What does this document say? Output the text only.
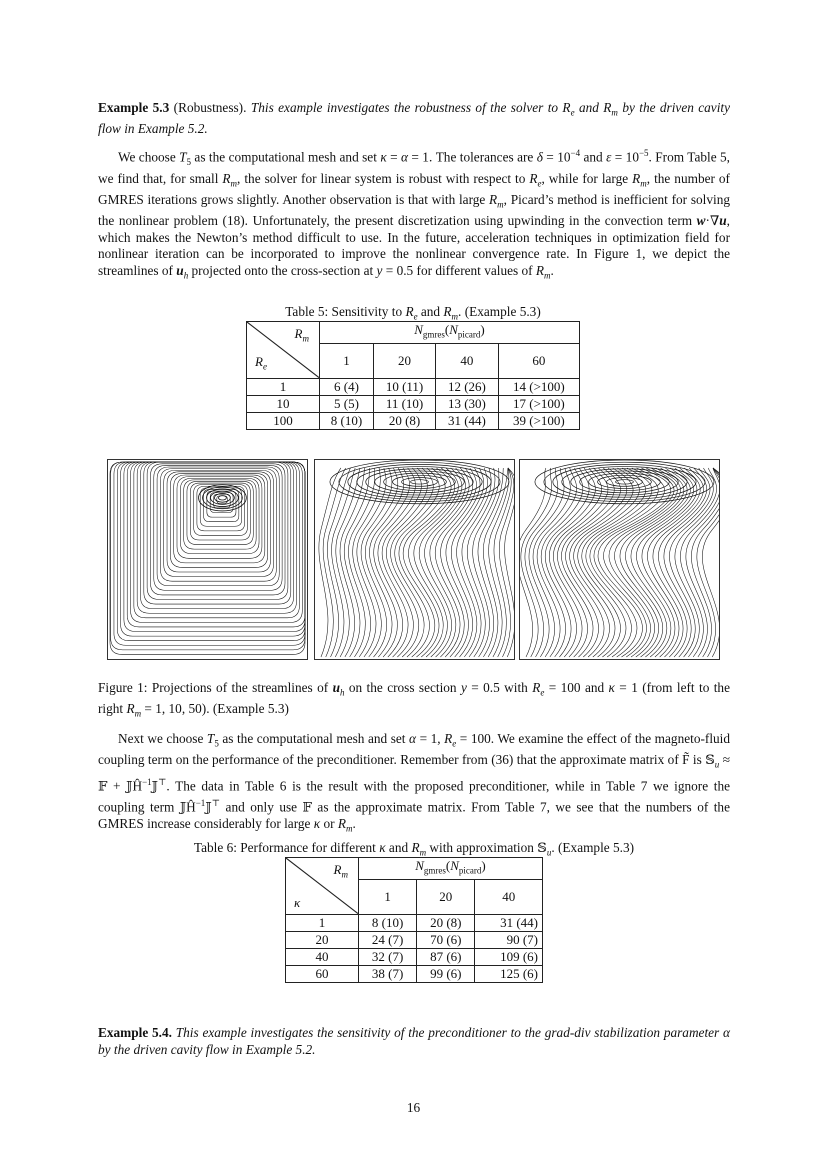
Example 5.3 (Robustness). This example investigates the robustness of the solver to $R_e$ and $R_m$ by the driven cavity flow in Example 5.2.

We choose $T_5$ as the computational mesh and set κ = α = 1. The tolerances are $\delta = 10^{-4}$ and $\varepsilon = 10^{-5}$. From Table 5, we find that, for small $R_m$, the solver for linear system is robust with respect to $R_e$, while for large $R_m$, the number of GMRES iterations grows slightly. Another observation is that with large $R_m$, Picard’s method is inefficient for solving the nonlinear problem (18). Unfortunately, the present discretization using upwinding in the convection term w·∇u, which makes the Newton’s method difficult to use. In the future, acceleration techniques in optimization field for nonlinear iteration can be incorporated to improve the nonlinear convergence rate. In Figure 1, we depict the streamlines of $u_h$ projected onto the cross-section at y = 0.5 for different values of $R_m$.

Table 5: Sensitivity to $R_e$ and $R_m$. (Example 5.3)
$R_m$
$R_e$	$N_{gmres}(N_{picard})$			
	1	20	40	60
1	6 (4)	10 (11)	12 (26)	14 (>100)
10	5 (5)	11 (10)	13 (30)	17 (>100)
100	8 (10)	20 (8)	31 (44)	39 (>100)

Figure 1: Projections of the streamlines of $u_h$ on the cross section y = 0.5 with $R_e = 100$ and κ = 1 (from left to the right $R_m = 1$, 10, 50). (Example 5.3)

Next we choose $T_5$ as the computational mesh and set α = 1, $R_e = 100$. We examine the effect of the magneto-fluid coupling term on the performance of the preconditioner. Remember from (36) that the approximate matrix of F̃ is 𝕊$_u$ ≈ 𝔽 + 𝕁Ĥ$^{-1}$𝕁⊤. The data in Table 6 is the result with the proposed preconditioner, while in Table 7 we ignore the coupling term 𝕁Ĥ$^{-1}$𝕁⊤ and only use 𝔽 as the approximate matrix. From Table 7, we see that the numbers of the GMRES increase considerably for large κ or $R_m$.

Table 6: Performance for different κ and $R_m$ with approximation 𝕊$_u$. (Example 5.3)
$R_m$
κ	$N_{gmres}(N_{picard})$		
	1	20	40
1	8 (10)	20 (8)	31 (44)
20	24 (7)	70 (6)	90 (7)
40	32 (7)	87 (6)	109 (6)
60	38 (7)	99 (6)	125 (6)

Example 5.4. This example investigates the sensitivity of the preconditioner to the grad-div stabilization parameter α by the driven cavity flow in Example 5.2.

16
